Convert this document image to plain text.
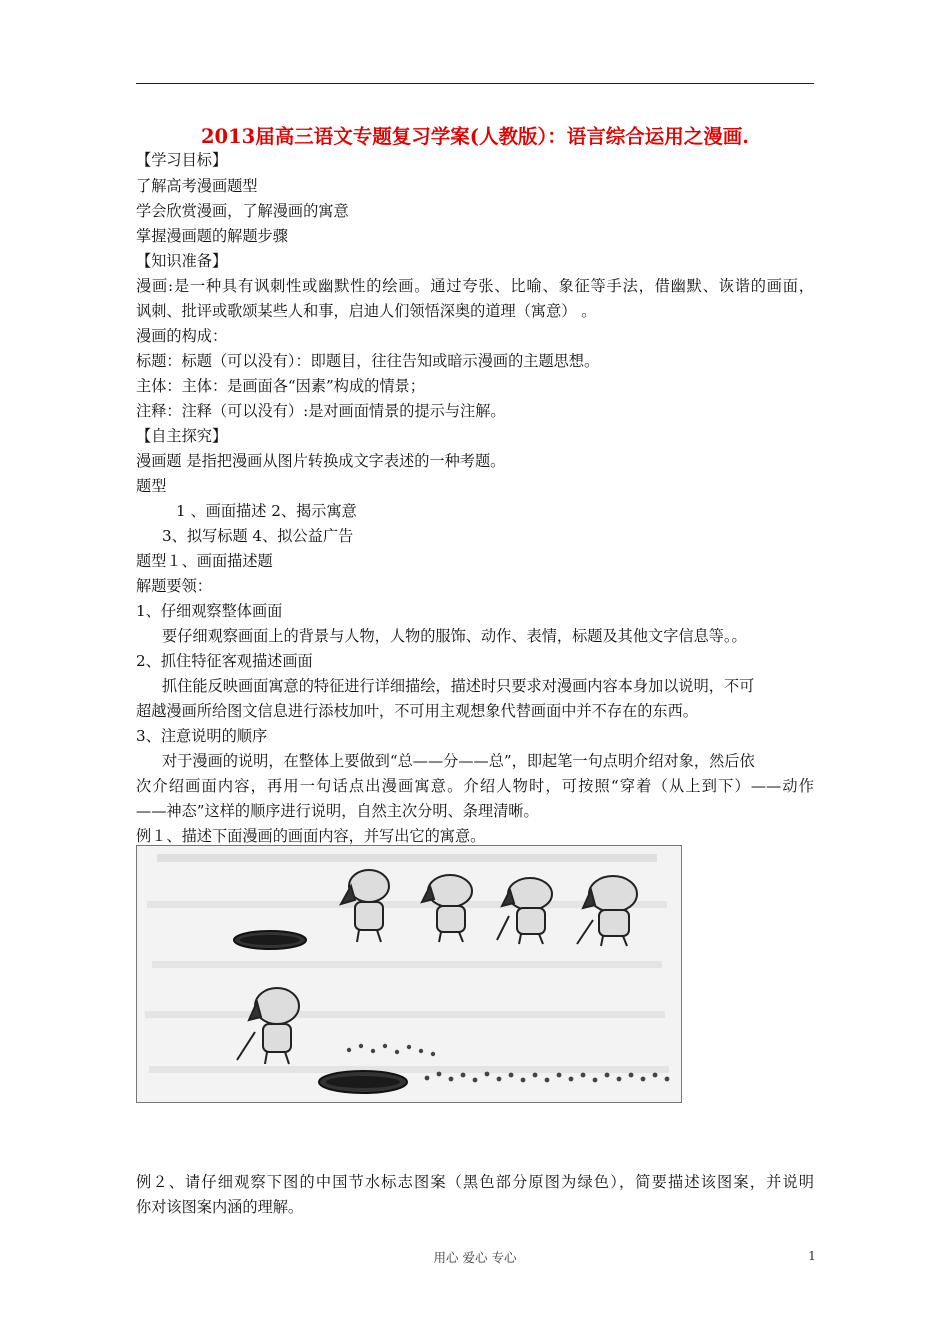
2013届高三语文专题复习学案(人教版）：语言综合运用之漫画.
【学习目标】
了解高考漫画题型
学会欣赏漫画，了解漫画的寓意
掌握漫画题的解题步骤
【知识准备】
漫画:是一种具有讽刺性或幽默性的绘画。通过夸张、比喻、象征等手法，借幽默、诙谐的画面，
讽刺、批评或歌颂某些人和事，启迪人们领悟深奥的道理（寓意） 。
漫画的构成：
标题：标题（可以没有）：即题目，往往告知或暗示漫画的主题思想。
主体：主体：是画面各“因素”构成的情景；
注释：注释（可以没有）:是对画面情景的提示与注解。
【自主探究】
漫画题 是指把漫画从图片转换成文字表述的一种考题。
题型
1 、画面描述 2、揭示寓意
3、拟写标题 4、拟公益广告
题型１、画面描述题
解题要领：
1、仔细观察整体画面
要仔细观察画面上的背景与人物，人物的服饰、动作、表情，标题及其他文字信息等。。
2、抓住特征客观描述画面
抓住能反映画面寓意的特征进行详细描绘，描述时只要求对漫画内容本身加以说明，不可
超越漫画所给图文信息进行添枝加叶，不可用主观想象代替画面中并不存在的东西。
3、注意说明的顺序
对于漫画的说明，在整体上要做到“总——分——总”，即起笔一句点明介绍对象，然后依
次介绍画面内容，再用一句话点出漫画寓意。介绍人物时，可按照“穿着（从上到下）——动作
——神态”这样的顺序进行说明，自然主次分明、条理清晰。
例１、描述下面漫画的画面内容，并写出它的寓意。
例２、请仔细观察下图的中国节水标志图案（黑色部分原图为绿色），简要描述该图案，并说明
你对该图案内涵的理解。
用心 爱心 专心	1
